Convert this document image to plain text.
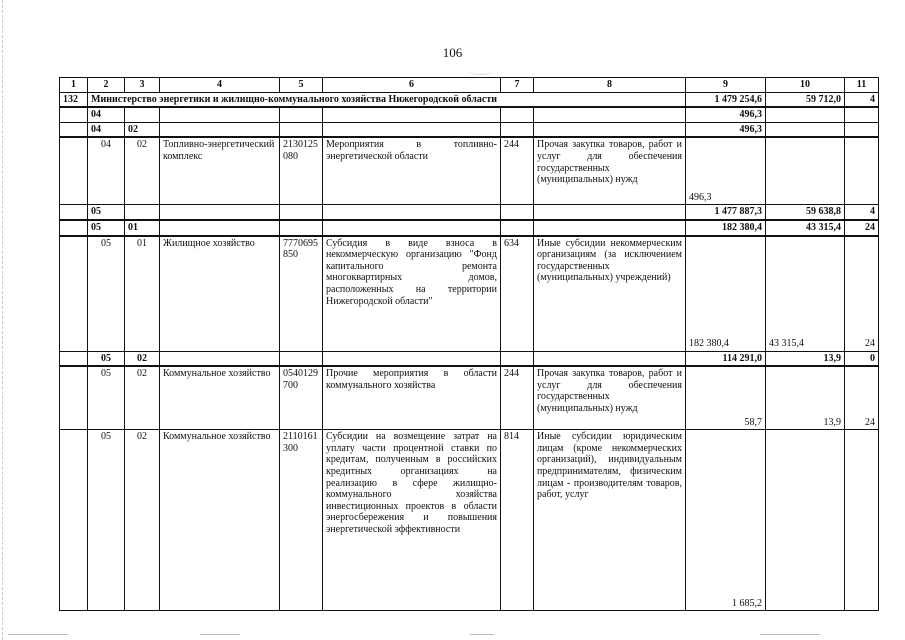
106
1	2	3	4	5	6	7	8	9	10	11
132	Министерство энергетики и жилищно-коммунального хозяйства Нижегородской области							1 479 254,6	59 712,0	4
	04							496,3		
	04	02						496,3		
	04	02	Топливно-энергетический комплекс	2130125080	Мероприятия в топливно-энергетической области	244	Прочая закупка товаров, работ и услуг для обеспечения государственных (муниципальных) нужд	496,3		
	05							1 477 887,3	59 638,8	4
	05	01						182 380,4	43 315,4	24
	05	01	Жилищное хозяйство	7770695850	Субсидия в виде взноса в некоммерческую организацию "Фонд капитального ремонта многоквартирных домов, расположенных на территории Нижегородской области"	634	Иные субсидии некоммерческим организациям (за исключением государственных (муниципальных) учреждений)	182 380,4	43 315,4	24
	05	02						114 291,0	13,9	0
	05	02	Коммунальное хозяйство	0540129700	Прочие мероприятия в области коммунального хозяйства	244	Прочая закупка товаров, работ и услуг для обеспечения государственных (муниципальных) нужд	58,7	13,9	24
	05	02	Коммунальное хозяйство	2110161300	Субсидии на возмещение затрат на уплату части процентной ставки по кредитам, полученным в российских кредитных организациях на реализацию в сфере жилищно-коммунального хозяйства инвестиционных проектов в области энергосбережения и повышения энергетической эффективности	814	Иные субсидии юридическим лицам (кроме некоммерческих организаций), индивидуальным предпринимателям, физическим лицам - производителям товаров, работ, услуг	1 685,2		
